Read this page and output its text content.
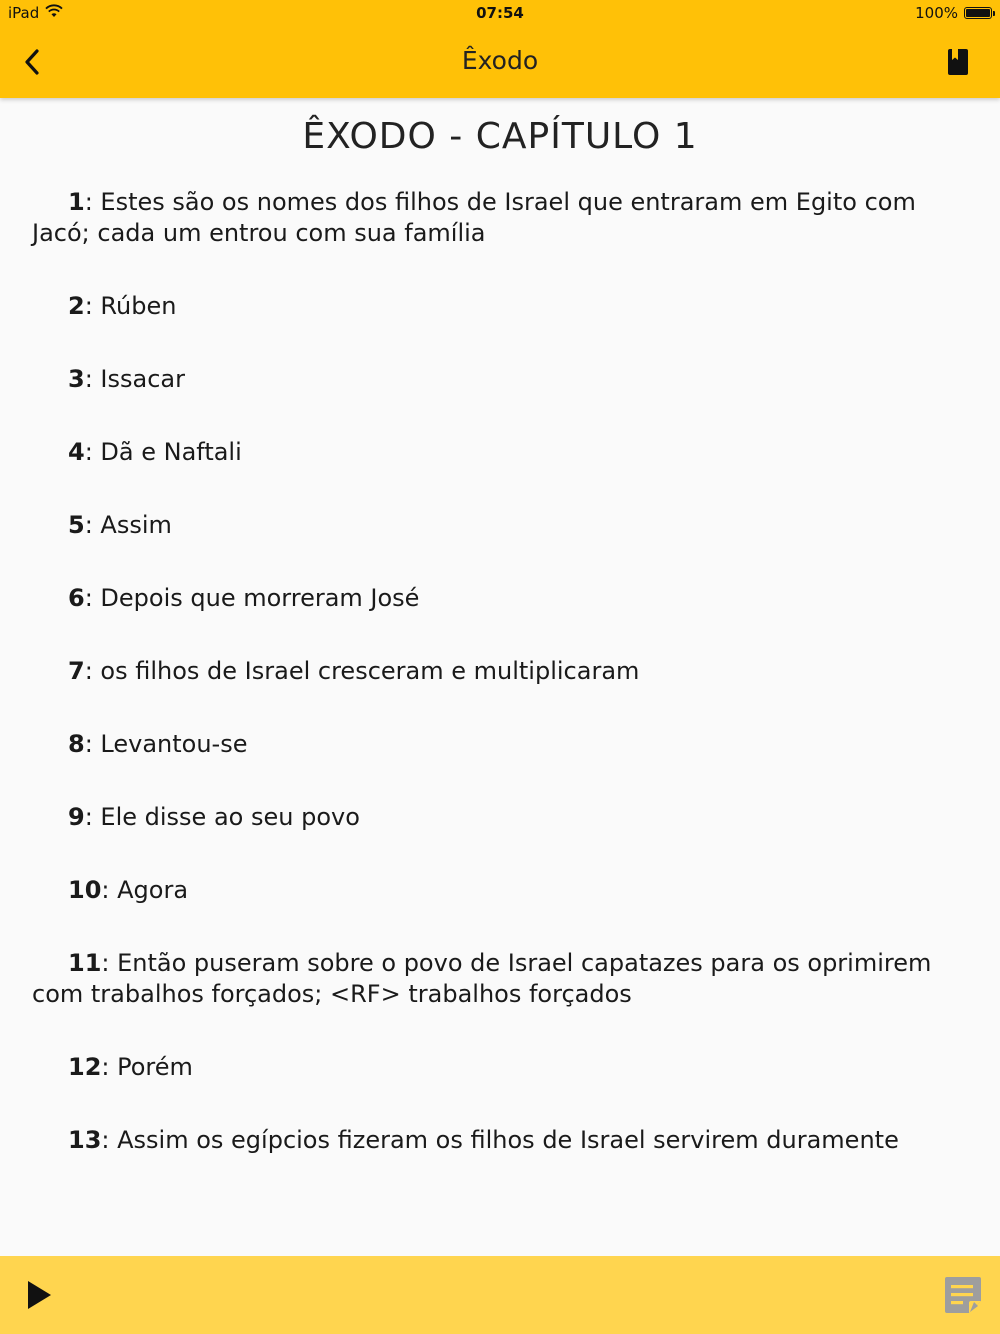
iPad	07:54	100%
Êxodo
ÊXODO - CAPÍTULO 1

1: Estes são os nomes dos filhos de Israel que entraram em Egito com Jacó; cada um entrou com sua família

2: Rúben

3: Issacar

4: Dã e Naftali

5: Assim

6: Depois que morreram José

7: os filhos de Israel cresceram e multiplicaram

8: Levantou-se

9: Ele disse ao seu povo

10: Agora

11: Então puseram sobre o povo de Israel capatazes para os oprimirem com trabalhos forçados; <RF> trabalhos forçados

12: Porém

13: Assim os egípcios fizeram os filhos de Israel servirem duramente
